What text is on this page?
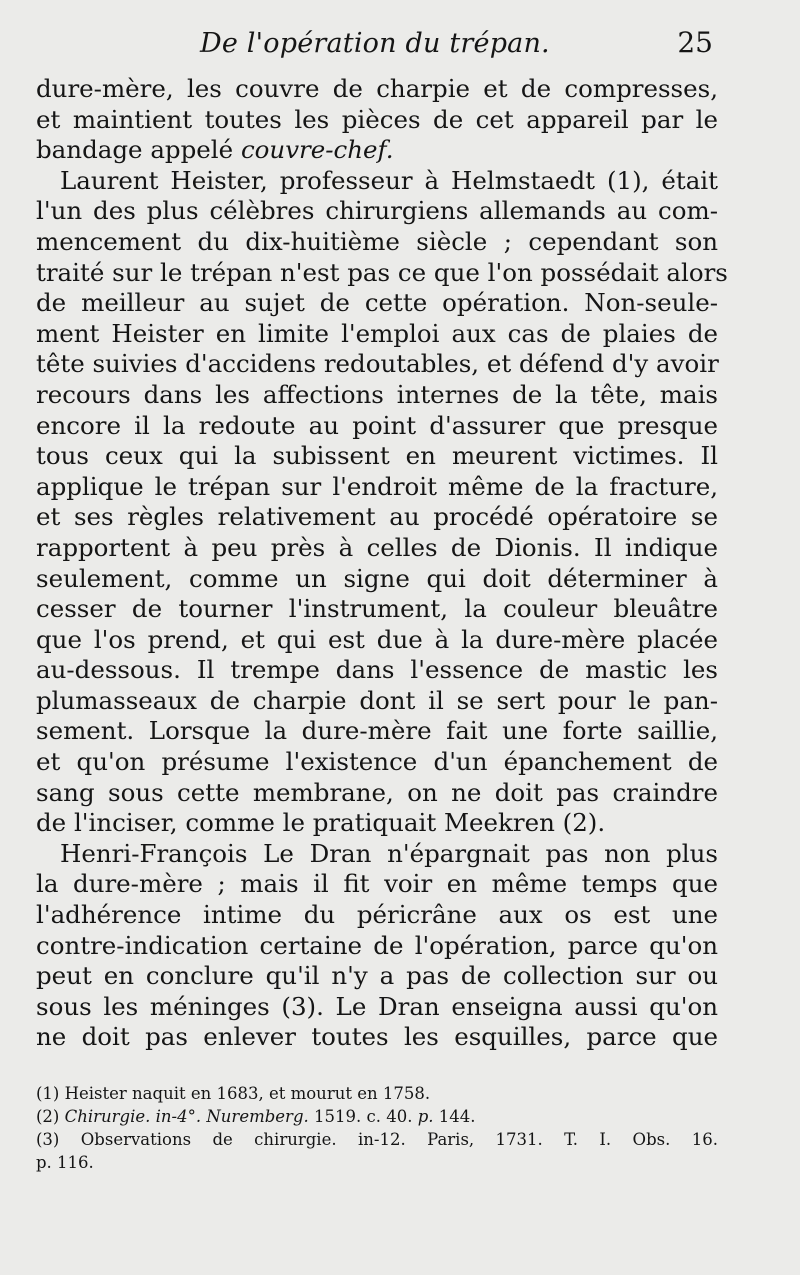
De l'opération du trépan.	25
dure-mère, les couvre de charpie et de compresses,
et maintient toutes les pièces de cet appareil par le
bandage appelé couvre-chef.
Laurent Heister, professeur à Helmstaedt (1), était
l'un des plus célèbres chirurgiens allemands au com-
mencement du dix-huitième siècle ; cependant son
traité sur le trépan n'est pas ce que l'on possédait alors
de meilleur au sujet de cette opération. Non-seule-
ment Heister en limite l'emploi aux cas de plaies de
tête suivies d'accidens redoutables, et défend d'y avoir
recours dans les affections internes de la tête, mais
encore il la redoute au point d'assurer que presque
tous ceux qui la subissent en meurent victimes. Il
applique le trépan sur l'endroit même de la fracture,
et ses règles relativement au procédé opératoire se
rapportent à peu près à celles de Dionis. Il indique
seulement, comme un signe qui doit déterminer à
cesser de tourner l'instrument, la couleur bleuâtre
que l'os prend, et qui est due à la dure-mère placée
au-dessous. Il trempe dans l'essence de mastic les
plumasseaux de charpie dont il se sert pour le pan-
sement. Lorsque la dure-mère fait une forte saillie,
et qu'on présume l'existence d'un épanchement de
sang sous cette membrane, on ne doit pas craindre
de l'inciser, comme le pratiquait Meekren (2).
Henri-François Le Dran n'épargnait pas non plus
la dure-mère ; mais il fit voir en même temps que
l'adhérence intime du péricrâne aux os est une
contre-indication certaine de l'opération, parce qu'on
peut en conclure qu'il n'y a pas de collection sur ou
sous les méninges (3). Le Dran enseigna aussi qu'on
ne doit pas enlever toutes les esquilles, parce que
(1) Heister naquit en 1683, et mourut en 1758.
(2) Chirurgie. in-4°. Nuremberg. 1519. c. 40. p. 144.
(3) Observations de chirurgie. in-12. Paris, 1731. T. I. Obs. 16.
p. 116.
